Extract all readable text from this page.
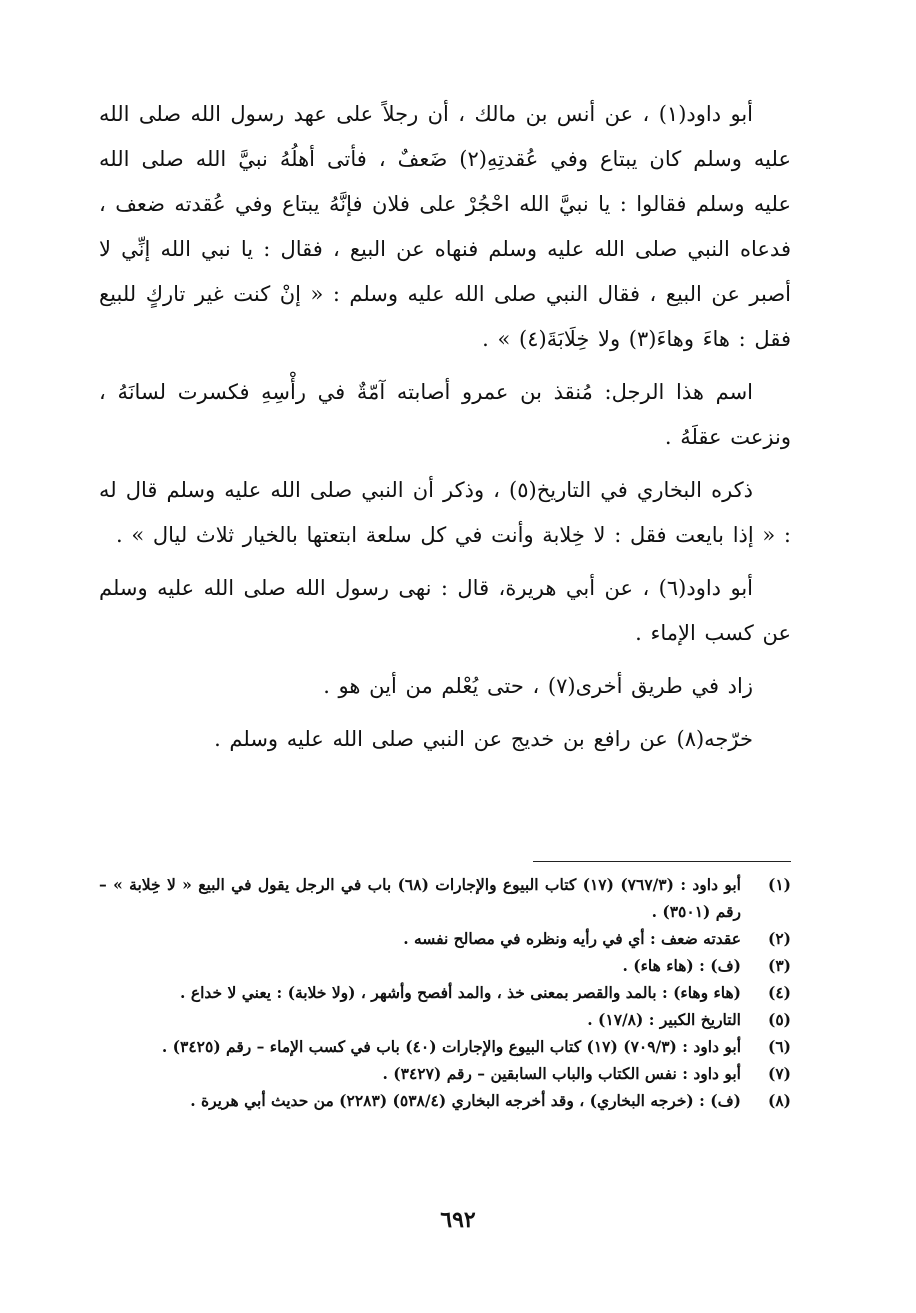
أبو داود(١) ، عن أنس بن مالك ، أن رجلاً على عهد رسول الله صلى الله عليه وسلم كان يبتاع وفي عُقدتِهِ(٢) ضَعفٌ ، فأتى أهلُهُ نبيَّ الله صلى الله عليه وسلم فقالوا : يا نبيَّ الله احْجُرْ على فلان فإنَّهُ يبتاع وفي عُقدته ضعف ، فدعاه النبي صلى الله عليه وسلم فنهاه عن البيع ، فقال : يا نبي الله إنِّي لا أصبر عن البيع ، فقال النبي صلى الله عليه وسلم : « إنْ كنت غير تاركٍ للبيع فقل : هاءَ وهاءَ(٣) ولا خِلَابَةَ(٤) » .

اسم هذا الرجل: مُنقذ بن عمرو أصابته آمّةٌ في رأْسِهِ فكسرت لسانَهُ ، ونزعت عقلَهُ .

ذكره البخاري في التاريخ(٥) ، وذكر أن النبي صلى الله عليه وسلم قال له : « إذا بايعت فقل : لا خِلابة وأنت في كل سلعة ابتعتها بالخيار ثلاث ليال » .

أبو داود(٦) ، عن أبي هريرة، قال : نهى رسول الله صلى الله عليه وسلم عن كسب الإماء .

زاد في طريق أخرى(٧) ، حتى يُعْلم من أين هو .

خرّجه(٨) عن رافع بن خديج عن النبي صلى الله عليه وسلم .

(١)
أبو داود : (٧٦٧/٣) (١٧) كتاب البيوع والإجارات (٦٨) باب في الرجل يقول في البيع « لا خِلابة » – رقم (٣٥٠١) .
(٢)
عقدته ضعف : أي في رأيه ونظره في مصالح نفسه .
(٣)
(ف) : (هاء هاء) .
(٤)
(هاء وهاء) : بالمد والقصر بمعنى خذ ، والمد أفصح وأشهر ، (ولا خلابة) : يعني لا خداع .
(٥)
التاريخ الكبير : (١٧/٨) .
(٦)
أبو داود : (٧٠٩/٣) (١٧) كتاب البيوع والإجارات (٤٠) باب في كسب الإماء – رقم (٣٤٢٥) .
(٧)
أبو داود : نفس الكتاب والباب السابقين – رقم (٣٤٢٧) .
(٨)
(ف) : (خرجه البخاري) ، وقد أخرجه البخاري (٥٣٨/٤) (٢٢٨٣) من حديث أبي هريرة .
٦٩٢
